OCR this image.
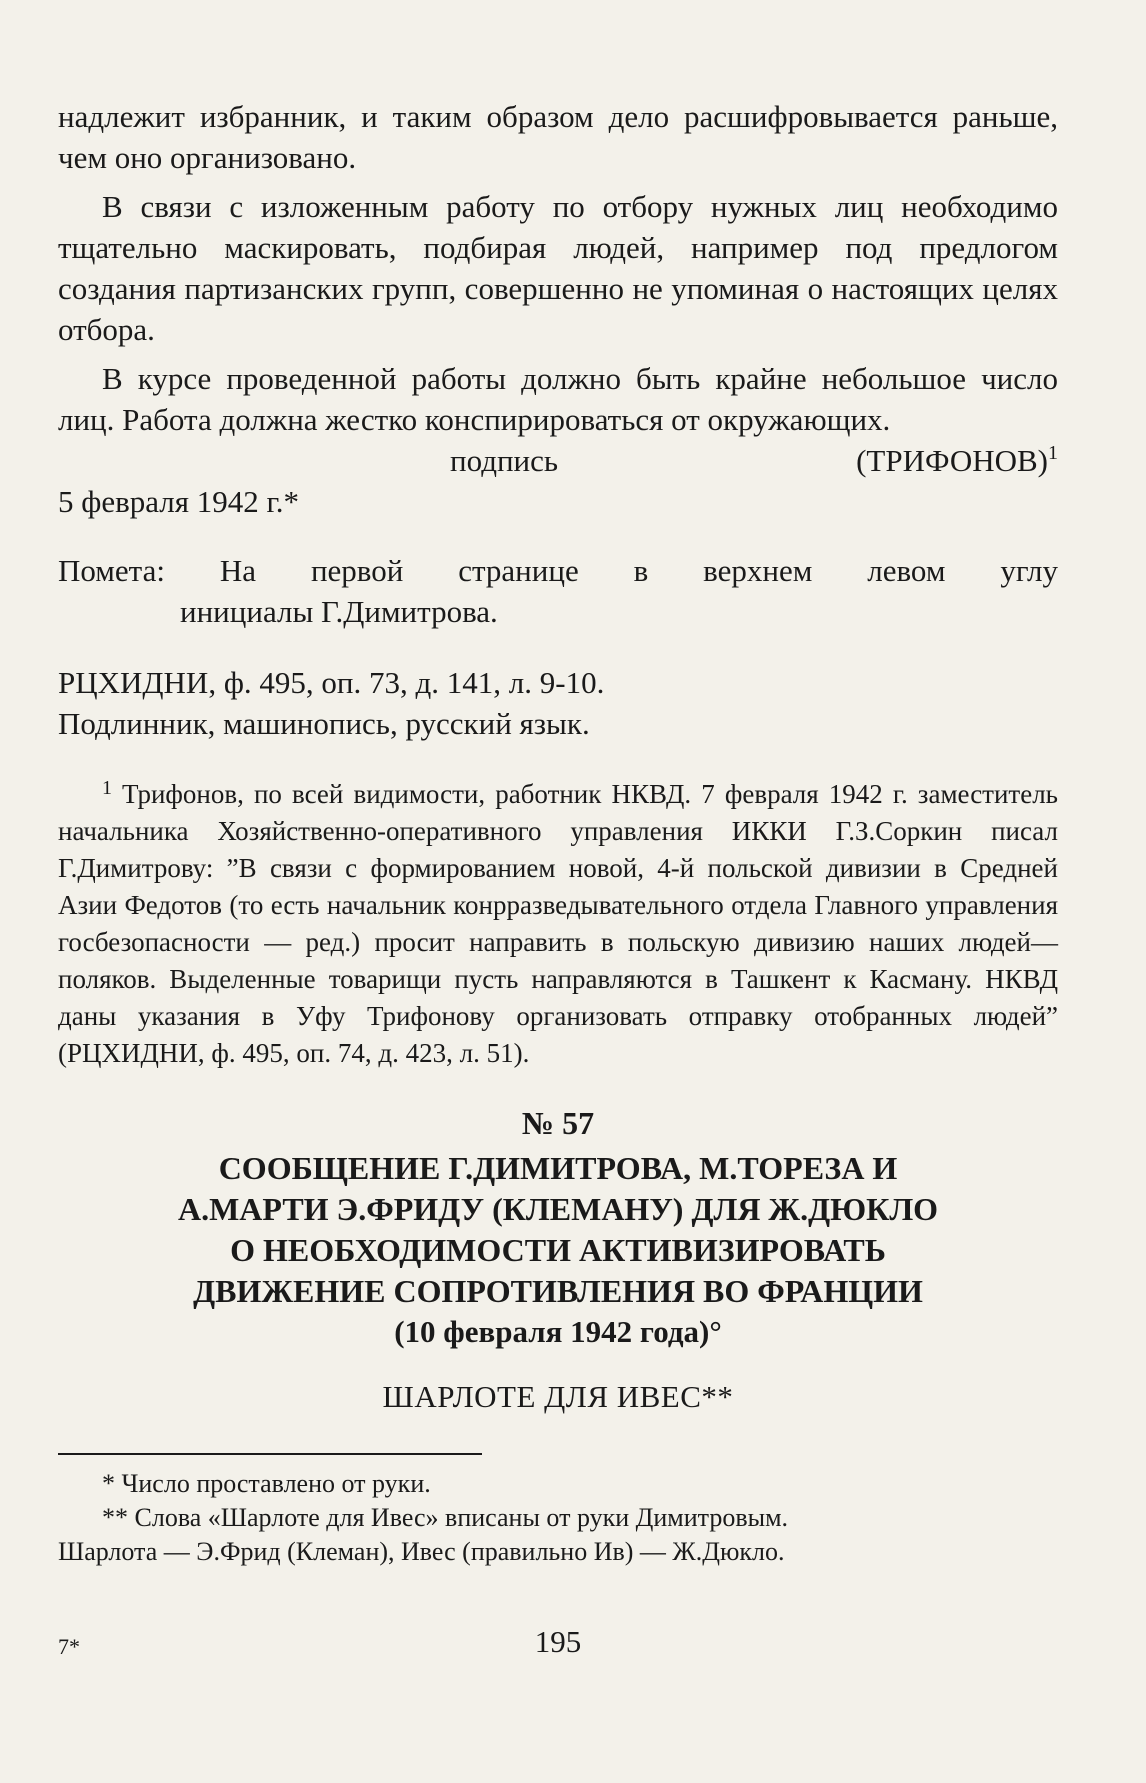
надлежит избранник, и таким образом дело расшифровывается раньше, чем оно организовано.

В связи с изложенным работу по отбору нужных лиц необходимо тщательно маскировать, подбирая людей, например под предлогом создания партизанских групп, совершенно не упоминая о настоящих целях отбора.

В курсе проведенной работы должно быть крайне небольшое число лиц. Работа должна жестко конспирироваться от окружающих.

подпись	(ТРИФОНОВ)$^1$
5 февраля 1942 г.*

Помета: На первой странице в верхнем левом углу

инициалы Г.Димитрова.

РЦХИДНИ, ф. 495, оп. 73, д. 141, л. 9-10.
Подлинник, машинопись, русский язык.

$^1$ Трифонов, по всей видимости, работник НКВД. 7 февраля 1942 г. заместитель начальника Хозяйственно-оперативного управления ИККИ Г.З.Соркин писал Г.Димитрову: ”В связи с формированием новой, 4-й польской дивизии в Средней Азии Федотов (то есть начальник конрразведывательного отдела Главного управления госбезопасности — ред.) просит направить в польскую дивизию наших людей—поляков. Выделенные товарищи пусть направляются в Ташкент к Касману. НКВД даны указания в Уфу Трифонову организовать отправку отобранных людей” (РЦХИДНИ, ф. 495, оп. 74, д. 423, л. 51).

№ 57
СООБЩЕНИЕ Г.ДИМИТРОВА, М.ТОРЕЗА И
А.МАРТИ Э.ФРИДУ (КЛЕМАНУ) ДЛЯ Ж.ДЮКЛО
О НЕОБХОДИМОСТИ АКТИВИЗИРОВАТЬ
ДВИЖЕНИЕ СОПРОТИВЛЕНИЯ ВО ФРАНЦИИ
(10 февраля 1942 года)°
ШАРЛОТЕ ДЛЯ ИВЕС**
* Число проставлено от руки.
** Слова «Шарлоте для Ивес» вписаны от руки Димитровым.
Шарлота — Э.Фрид (Клеман), Ивес (правильно Ив) — Ж.Дюкло.
7*	195
